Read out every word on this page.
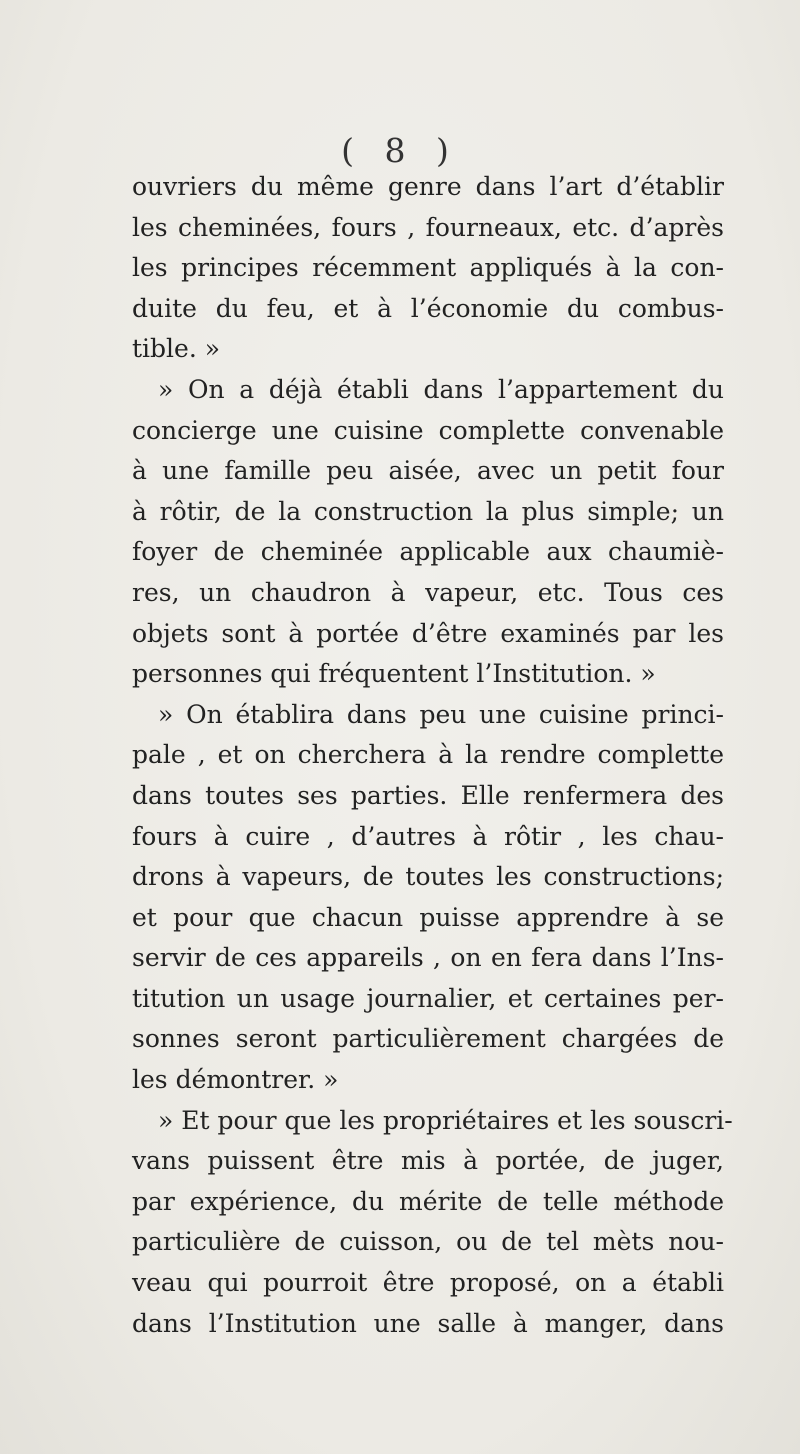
( 8 )
ouvriers du même genre dans l’art d’établir
les cheminées, fours , fourneaux, etc. d’après
les principes récemment appliqués à la con-
duite du feu, et à l’économie du combus-
tible. »
» On a déjà établi dans l’appartement du
concierge une cuisine complette convenable
à une famille peu aisée, avec un petit four
à rôtir, de la construction la plus simple; un
foyer de cheminée applicable aux chaumiè-
res, un chaudron à vapeur, etc. Tous ces
objets sont à portée d’être examinés par les
personnes qui fréquentent l’Institution. »
» On établira dans peu une cuisine princi-
pale , et on cherchera à la rendre complette
dans toutes ses parties. Elle renfermera des
fours à cuire , d’autres à rôtir , les chau-
drons à vapeurs, de toutes les constructions;
et pour que chacun puisse apprendre à se
servir de ces appareils , on en fera dans l’Ins-
titution un usage journalier, et certaines per-
sonnes seront particulièrement chargées de
les démontrer. »
» Et pour que les propriétaires et les souscri-
vans puissent être mis à portée, de juger,
par expérience, du mérite de telle méthode
particulière de cuisson, ou de tel mèts nou-
veau qui pourroit être proposé, on a établi
dans l’Institution une salle à manger, dans
